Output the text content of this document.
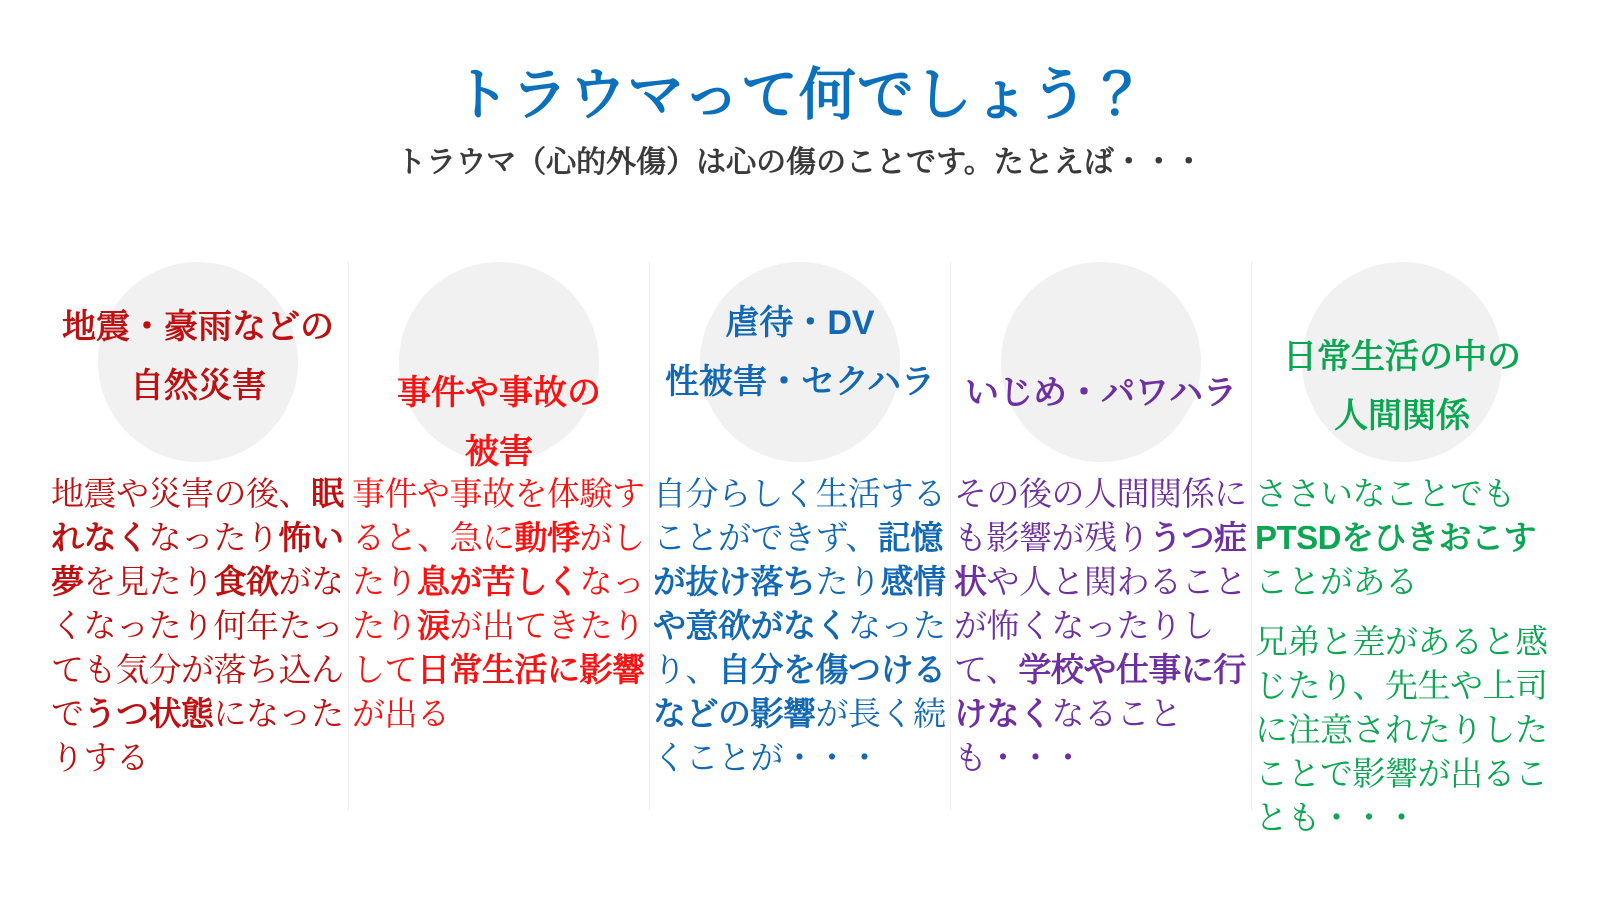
トラウマって何でしょう？
トラウマ（心的外傷）は心の傷のことです。たとえば・・・
地震・豪雨などの
自然災害

地震や災害の後、眠れなくなったり怖い夢を見たり食欲がなくなったり何年たっても気分が落ち込んでうつ状態になったりする

事件や事故の
被害

事件や事故を体験すると、急に動悸がしたり息が苦しくなったり涙が出てきたりして日常生活に影響が出る

虐待・DV
性被害・セクハラ

自分らしく生活することができず、記憶が抜け落ちたり感情や意欲がなくなったり、自分を傷つけるなどの影響が長く続くことが・・・

いじめ・パワハラ

その後の人間関係にも影響が残りうつ症状や人と関わることが怖くなったりして、学校や仕事に行けなくなることも・・・

日常生活の中の
人間関係

ささいなことでもPTSDをひきおこすことがある

兄弟と差があると感じたり、先生や上司に注意されたりしたことで影響が出ることも・・・
